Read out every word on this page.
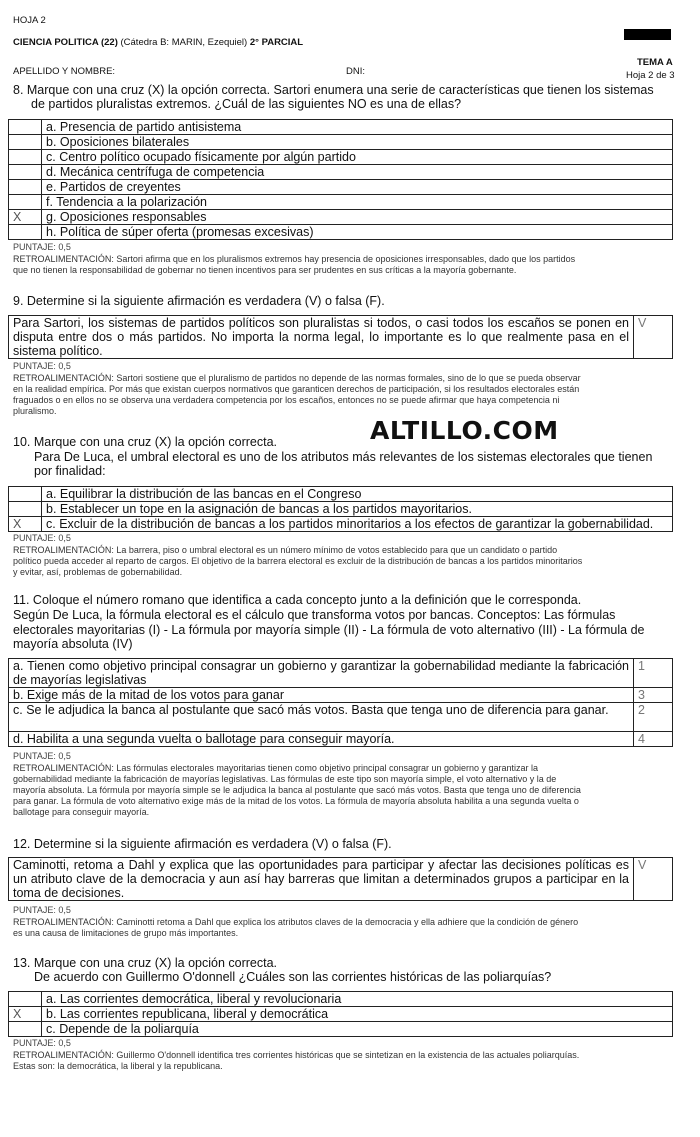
HOJA 2
CIENCIA POLITICA (22) (Cátedra B: MARIN, Ezequiel) 2° PARCIAL
TEMA A
Hoja 2 de 3
APELLIDO Y NOMBRE:	DNI:
8. Marque con una cruz (X) la opción correcta. Sartori enumera una serie de características que tienen los sistemas
de partidos pluralistas extremos. ¿Cuál de las siguientes NO es una de ellas?
	a. Presencia de partido antisistema
	b. Oposiciones bilaterales
	c. Centro político ocupado físicamente por algún partido
	d. Mecánica centrífuga de competencia
	e. Partidos de creyentes
	f. Tendencia a la polarización
X	g. Oposiciones responsables
	h. Política de súper oferta (promesas excesivas)
PUNTAJE: 0,5
RETROALIMENTACIÓN: Sartori afirma que en los pluralismos extremos hay presencia de oposiciones irresponsables, dado que los partidos
que no tienen la responsabilidad de gobernar no tienen incentivos para ser prudentes en sus críticas a la mayoría gobernante.
9. Determine si la siguiente afirmación es verdadera (V) o falsa (F).
Para Sartori, los sistemas de partidos políticos son pluralistas si todos, o casi todos los escaños se ponen en disputa entre dos o más partidos. No importa la norma legal, lo importante es lo que realmente pasa en el sistema político.	V
PUNTAJE: 0,5
RETROALIMENTACIÓN: Sartori sostiene que el pluralismo de partidos no depende de las normas formales, sino de lo que se pueda observar
en la realidad empírica. Por más que existan cuerpos normativos que garanticen derechos de participación, si los resultados electorales están
fraguados o en ellos no se observa una verdadera competencia por los escaños, entonces no se puede afirmar que haya competencia ni
pluralismo.
ALTILLO.COM
10. Marque con una cruz (X) la opción correcta.
Para De Luca, el umbral electoral es uno de los atributos más relevantes de los sistemas electorales que tienen
por finalidad:
	a. Equilibrar la distribución de las bancas en el Congreso
	b. Establecer un tope en la asignación de bancas a los partidos mayoritarios.
X	c. Excluir de la distribución de bancas a los partidos minoritarios a los efectos de garantizar la gobernabilidad.
PUNTAJE: 0,5
RETROALIMENTACIÓN: La barrera, piso o umbral electoral es un número mínimo de votos establecido para que un candidato o partido
político pueda acceder al reparto de cargos. El objetivo de la barrera electoral es excluir de la distribución de bancas a los partidos minoritarios
y evitar, así, problemas de gobernabilidad.
11. Coloque el número romano que identifica a cada concepto junto a la definición que le corresponda.
Según De Luca, la fórmula electoral es el cálculo que transforma votos por bancas. Conceptos: Las fórmulas
electorales mayoritarias (I) - La fórmula por mayoría simple (II) - La fórmula de voto alternativo (III) - La fórmula de
mayoría absoluta (IV)
a. Tienen como objetivo principal consagrar un gobierno y garantizar la gobernabilidad mediante la fabricación de mayorías legislativas	1
b. Exige más de la mitad de los votos para ganar	3
c. Se le adjudica la banca al postulante que sacó más votos. Basta que tenga uno de diferencia para ganar.	2
d. Habilita a una segunda vuelta o ballotage para conseguir mayoría.	4
PUNTAJE: 0,5
RETROALIMENTACIÓN: Las fórmulas electorales mayoritarias tienen como objetivo principal consagrar un gobierno y garantizar la
gobernabilidad mediante la fabricación de mayorías legislativas. Las fórmulas de este tipo son mayoría simple, el voto alternativo y la de
mayoría absoluta. La fórmula por mayoría simple se le adjudica la banca al postulante que sacó más votos. Basta que tenga uno de diferencia
para ganar. La fórmula de voto alternativo exige más de la mitad de los votos. La fórmula de mayoría absoluta habilita a una segunda vuelta o
ballotage para conseguir mayoría.
12. Determine si la siguiente afirmación es verdadera (V) o falsa (F).
Caminotti, retoma a Dahl y explica que las oportunidades para participar y afectar las decisiones políticas es un atributo clave de la democracia y aun así hay barreras que limitan a determinados grupos a participar en la toma de decisiones.	V
PUNTAJE: 0,5
RETROALIMENTACIÓN: Caminotti retoma a Dahl que explica los atributos claves de la democracia y ella adhiere que la condición de género
es una causa de limitaciones de grupo más importantes.
13. Marque con una cruz (X) la opción correcta.
De acuerdo con Guillermo O'donnell ¿Cuáles son las corrientes históricas de las poliarquías?
	a. Las corrientes democrática, liberal y revolucionaria
X	b. Las corrientes republicana, liberal y democrática
	c. Depende de la poliarquía
PUNTAJE: 0,5
RETROALIMENTACIÓN: Guillermo O'donnell identifica tres corrientes históricas que se sintetizan en la existencia de las actuales poliarquías.
Estas son: la democrática, la liberal y la republicana.
